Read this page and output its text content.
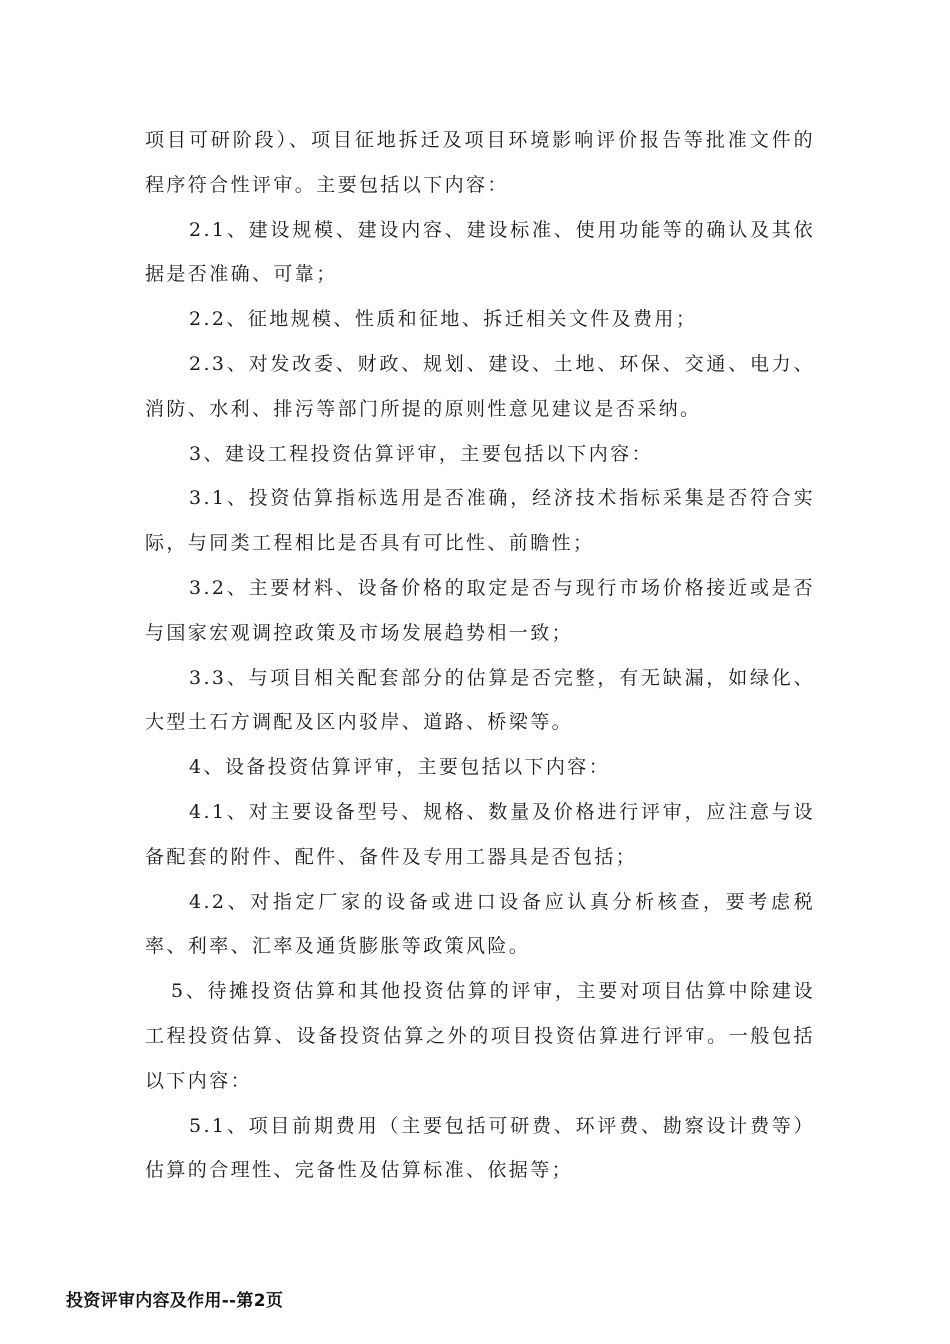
项目可研阶段）、项目征地拆迁及项目环境影响评价报告等批准文件的程序符合性评审。主要包括以下内容：

2.1、建设规模、建设内容、建设标准、使用功能等的确认及其依据是否准确、可靠；

2.2、征地规模、性质和征地、拆迁相关文件及费用；

2.3、对发改委、财政、规划、建设、土地、环保、交通、电力、消防、水利、排污等部门所提的原则性意见建议是否采纳。

3、建设工程投资估算评审，主要包括以下内容：

3.1、投资估算指标选用是否准确，经济技术指标采集是否符合实际，与同类工程相比是否具有可比性、前瞻性；

3.2、主要材料、设备价格的取定是否与现行市场价格接近或是否与国家宏观调控政策及市场发展趋势相一致；

3.3、与项目相关配套部分的估算是否完整，有无缺漏，如绿化、大型土石方调配及区内驳岸、道路、桥梁等。

4、设备投资估算评审，主要包括以下内容：

4.1、对主要设备型号、规格、数量及价格进行评审，应注意与设备配套的附件、配件、备件及专用工器具是否包括；

4.2、对指定厂家的设备或进口设备应认真分析核查，要考虑税率、利率、汇率及通货膨胀等政策风险。

5、待摊投资估算和其他投资估算的评审，主要对项目估算中除建设工程投资估算、设备投资估算之外的项目投资估算进行评审。一般包括以下内容：

5.1、项目前期费用（主要包括可研费、环评费、勘察设计费等）估算的合理性、完备性及估算标准、依据等；

投资评审内容及作用--第2页
